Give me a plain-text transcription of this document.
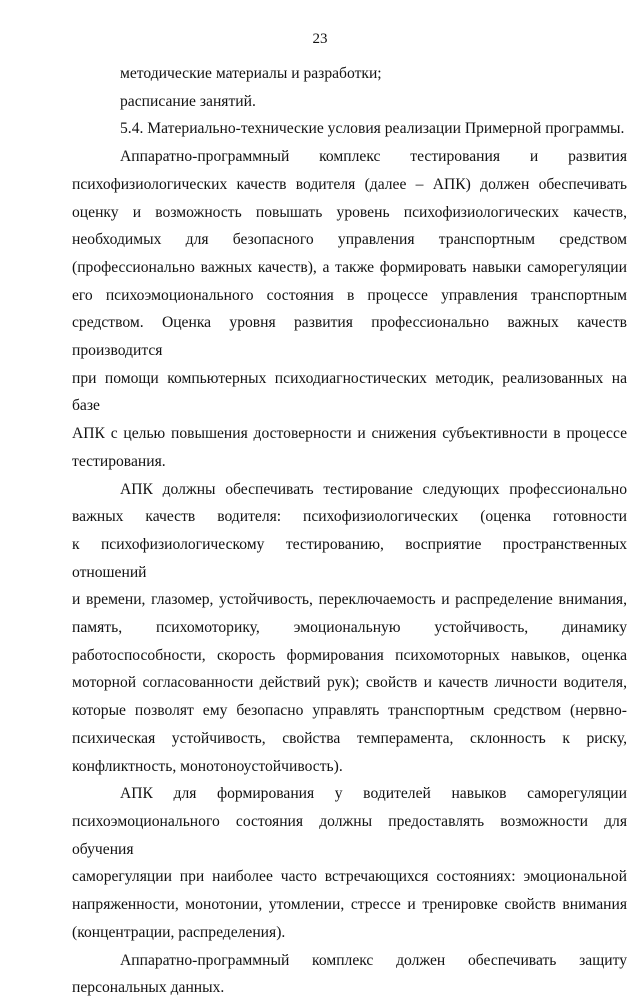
23
методические материалы и разработки;
расписание занятий.
5.4. Материально-технические условия реализации Примерной программы.
Аппаратно-программный комплекс тестирования и развития
психофизиологических качеств водителя (далее – АПК) должен обеспечивать
оценку и возможность повышать уровень психофизиологических качеств,
необходимых для безопасного управления транспортным средством
(профессионально важных качеств), а также формировать навыки саморегуляции
его психоэмоционального состояния в процессе управления транспортным
средством. Оценка уровня развития профессионально важных качеств производится
при помощи компьютерных психодиагностических методик, реализованных на базе
АПК с целью повышения достоверности и снижения субъективности в процессе
тестирования.
АПК должны обеспечивать тестирование следующих профессионально
важных качеств водителя: психофизиологических (оценка готовности
к психофизиологическому тестированию, восприятие пространственных отношений
и времени, глазомер, устойчивость, переключаемость и распределение внимания,
память, психомоторику, эмоциональную устойчивость, динамику
работоспособности, скорость формирования психомоторных навыков, оценка
моторной согласованности действий рук); свойств и качеств личности водителя,
которые позволят ему безопасно управлять транспортным средством (нервно-
психическая устойчивость, свойства темперамента, склонность к риску,
конфликтность, монотоноустойчивость).
АПК для формирования у водителей навыков саморегуляции
психоэмоционального состояния должны предоставлять возможности для обучения
саморегуляции при наиболее часто встречающихся состояниях: эмоциональной
напряженности, монотонии, утомлении, стрессе и тренировке свойств внимания
(концентрации, распределения).
Аппаратно-программный комплекс должен обеспечивать защиту
персональных данных.
